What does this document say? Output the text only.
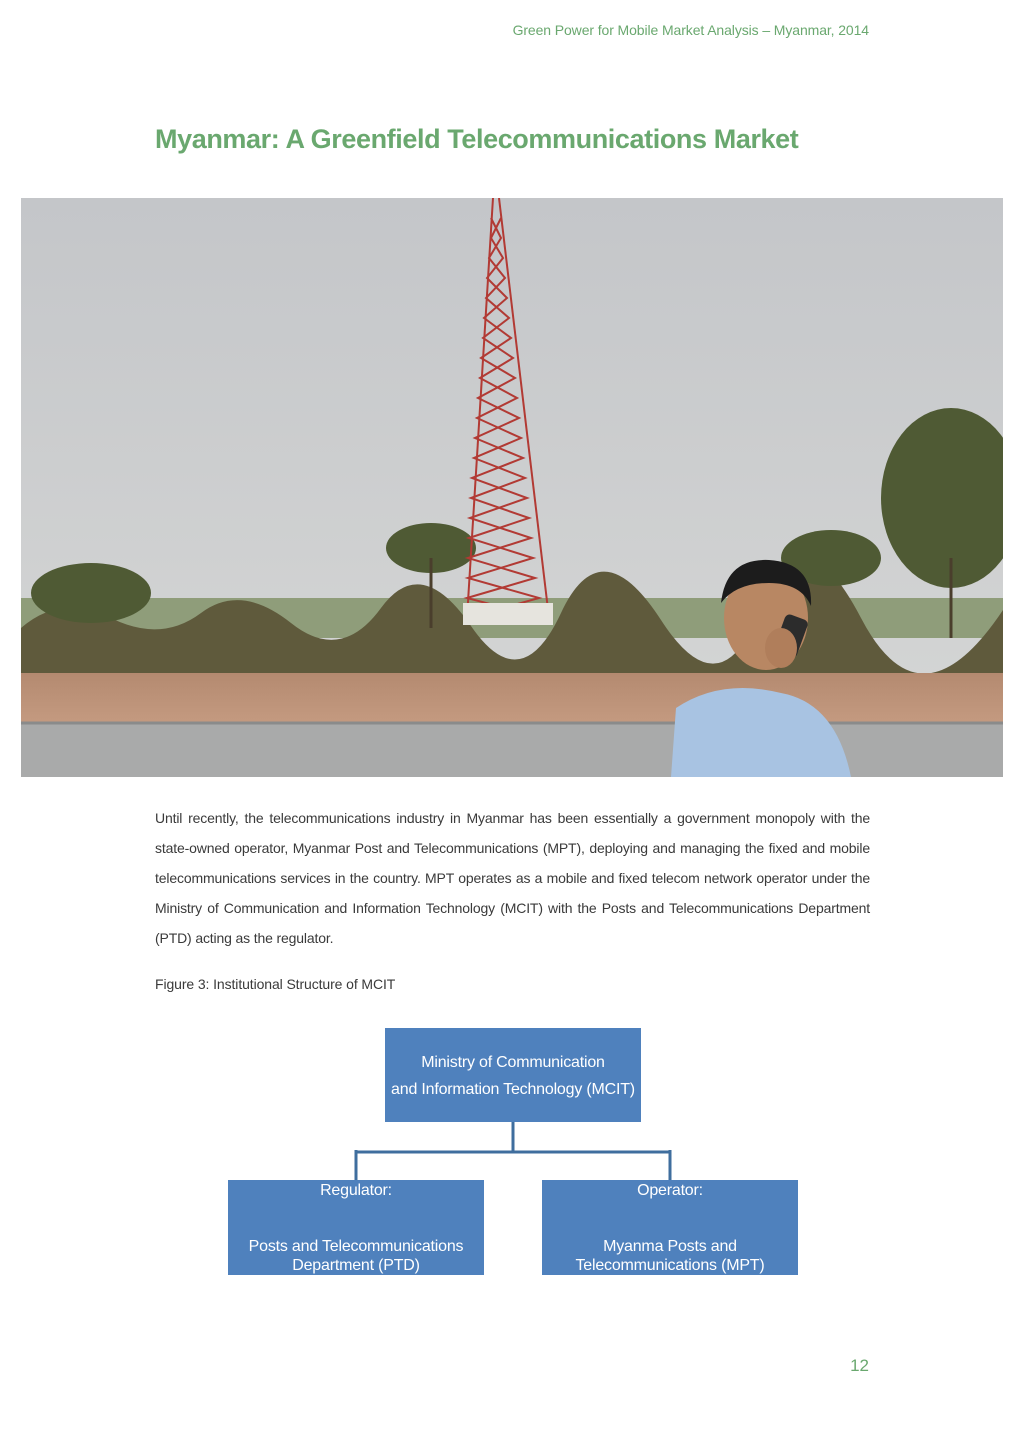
Green Power for Mobile Market Analysis – Myanmar, 2014
Myanmar: A Greenfield Telecommunications Market

Until recently, the telecommunications industry in Myanmar has been essentially a government monopoly with the state-owned operator, Myanmar Post and Telecommunications (MPT), deploying and managing the fixed and mobile telecommunications services in the country. MPT operates as a mobile and fixed telecom network operator under the Ministry of Communication and Information Technology (MCIT) with the Posts and Telecommunications Department (PTD) acting as the regulator.

Figure 3: Institutional Structure of MCIT

Ministry of Communication
and Information Technology (MCIT)
Regulator:
Posts and Telecommunications
Department (PTD)
Operator:
Myanma Posts and
Telecommunications (MPT)
12
